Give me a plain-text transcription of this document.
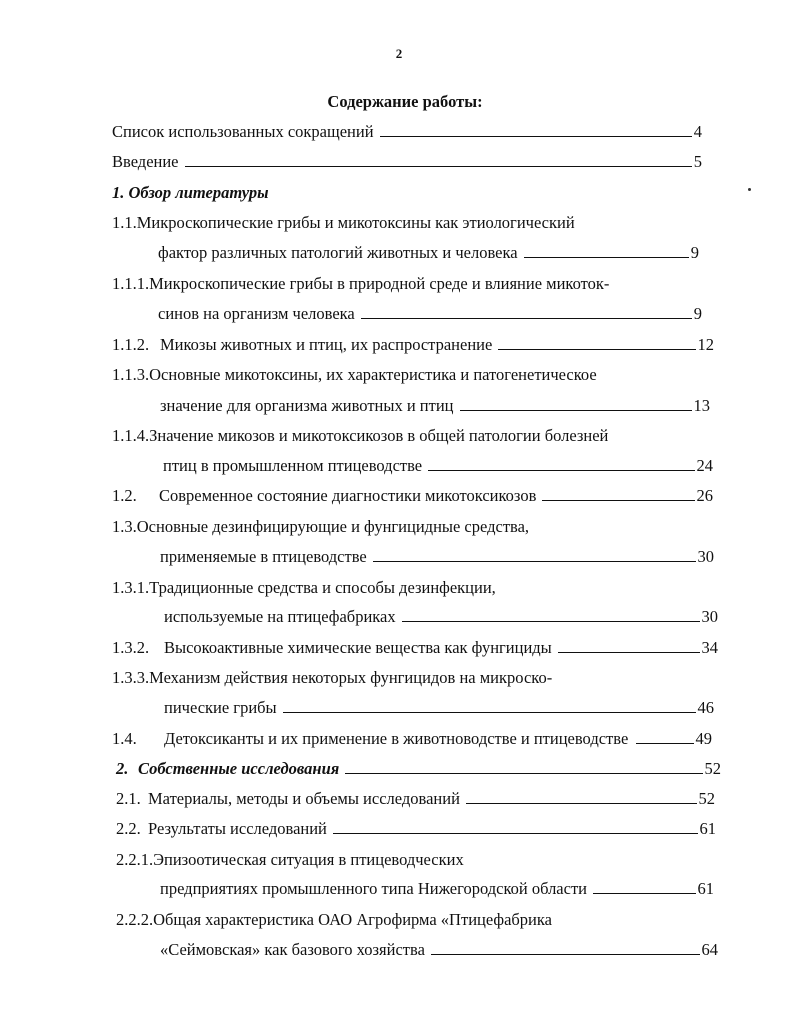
2
Содержание работы:
Список использованных сокращений	4
Введение	5
1. Обзор литературы
1.1.Микроскопические грибы и микотоксины как этиологический
фактор различных патологий животных и человека	9
1.1.1.Микроскопические грибы в природной среде и влияние микоток-
синов на организм человека	9
1.1.2. Микозы животных и птиц, их распространение	12
1.1.3.Основные микотоксины, их характеристика и патогенетическое
значение для организма животных и птиц	13
1.1.4.Значение микозов и микотоксикозов в общей патологии болезней
птиц в промышленном птицеводстве	24
1.2.	Современное состояние диагностики микотоксикозов	26
1.3.Основные дезинфицирующие и фунгицидные средства,
применяемые в птицеводстве	30
1.3.1.Традиционные средства и способы дезинфекции,
используемые на птицефабриках	30
1.3.2. Высокоактивные химические вещества как фунгициды	34
1.3.3.Механизм действия некоторых фунгицидов на микроско-
пические грибы	46
1.4.	Детоксиканты и их применение в животноводстве и птицеводстве	49
2. Собственные исследования	52
2.1. Материалы, методы и объемы исследований	52
2.2. Результаты исследований	61
2.2.1.Эпизоотическая ситуация в птицеводческих
предприятиях промышленного типа Нижегородской области	61
2.2.2.Общая характеристика ОАО Агрофирма «Птицефабрика
«Сеймовская» как базового хозяйства	64
